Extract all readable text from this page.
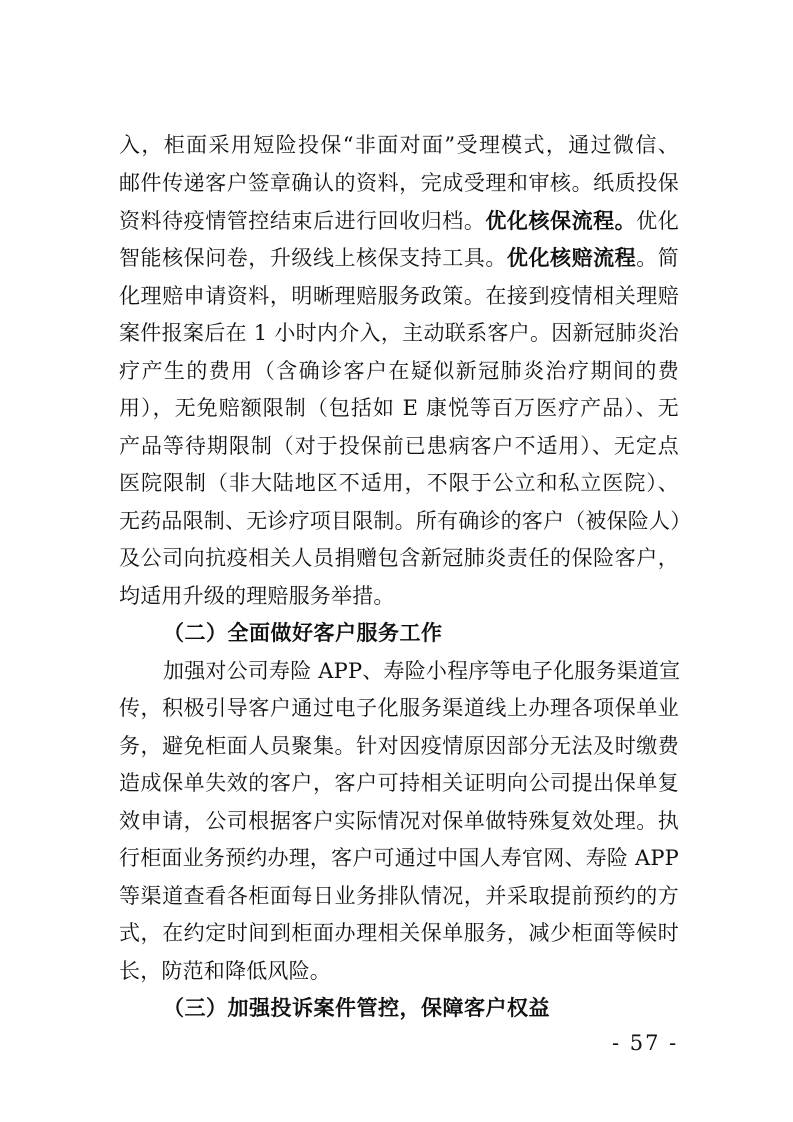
入，柜面采用短险投保“非面对面”受理模式，通过微信、
邮件传递客户签章确认的资料，完成受理和审核。纸质投保
资料待疫情管控结束后进行回收归档。优化核保流程。优化
智能核保问卷，升级线上核保支持工具。优化核赔流程。简
化理赔申请资料，明晰理赔服务政策。在接到疫情相关理赔
案件报案后在 1 小时内介入，主动联系客户。因新冠肺炎治
疗产生的费用（含确诊客户在疑似新冠肺炎治疗期间的费
用），无免赔额限制（包括如 E 康悦等百万医疗产品）、无
产品等待期限制（对于投保前已患病客户不适用）、无定点
医院限制（非大陆地区不适用，不限于公立和私立医院）、
无药品限制、无诊疗项目限制。所有确诊的客户（被保险人）
及公司向抗疫相关人员捐赠包含新冠肺炎责任的保险客户，
均适用升级的理赔服务举措。
（二）全面做好客户服务工作
加强对公司寿险 APP、寿险小程序等电子化服务渠道宣
传，积极引导客户通过电子化服务渠道线上办理各项保单业
务，避免柜面人员聚集。针对因疫情原因部分无法及时缴费
造成保单失效的客户，客户可持相关证明向公司提出保单复
效申请，公司根据客户实际情况对保单做特殊复效处理。执
行柜面业务预约办理，客户可通过中国人寿官网、寿险 APP
等渠道查看各柜面每日业务排队情况，并采取提前预约的方
式，在约定时间到柜面办理相关保单服务，减少柜面等候时
长，防范和降低风险。
（三）加强投诉案件管控，保障客户权益
- 57 -
